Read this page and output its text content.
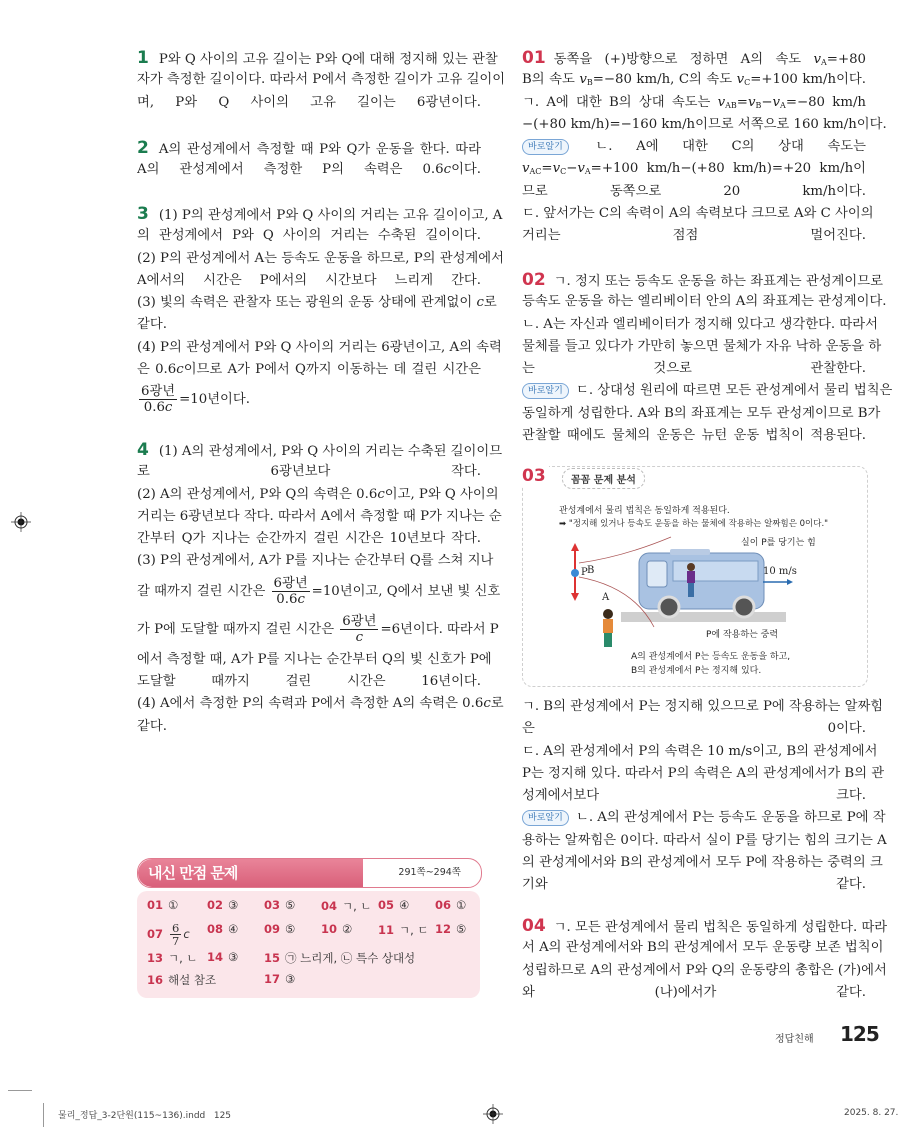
1 P와 Q 사이의 고유 길이는 P와 Q에 대해 정지해 있는 관찰
자가 측정한 길이이다. 따라서 P에서 측정한 길이가 고유 길이이
며, P와 Q 사이의 고유 길이는 6광년이다.
2 A의 관성계에서 측정할 때 P와 Q가 운동을 한다. 따라
A의 관성계에서 측정한 P의 속력은 0.6c이다.
3 (1) P의 관성계에서 P와 Q 사이의 거리는 고유 길이이고, A
의 관성계에서 P와 Q 사이의 거리는 수축된 길이이다.
(2) P의 관성계에서 A는 등속도 운동을 하므로, P의 관성계에서
A에서의 시간은 P에서의 시간보다 느리게 간다.
(3) 빛의 속력은 관찰자 또는 광원의 운동 상태에 관계없이 c로
같다.
(4) P의 관성계에서 P와 Q 사이의 거리는 6광년이고, A의 속력
은 0.6c이므로 A가 P에서 Q까지 이동하는 데 걸린 시간은
$\frac{\text{6광년}}{0.6c} =10$년이다.
4 (1) A의 관성계에서, P와 Q 사이의 거리는 수축된 길이이므
로 6광년보다 작다.
(2) A의 관성계에서, P와 Q의 속력은 0.6c이고, P와 Q 사이의
거리는 6광년보다 작다. 따라서 A에서 측정할 때 P가 지나는 순
간부터 Q가 지나는 순간까지 걸린 시간은 10년보다 작다.
(3) P의 관성계에서, A가 P를 지나는 순간부터 Q를 스쳐 지나
갈 때까지 걸린 시간은 $\frac{\text{6광년}}{0.6c} =10$년이고, Q에서 보낸 빛 신호
가 P에 도달할 때까지 걸린 시간은 $\frac{\text{6광년}}{c} =6$년이다. 따라서 P
에서 측정할 때, A가 P를 지나는 순간부터 Q의 빛 신호가 P에
도달할 때까지 걸린 시간은 16년이다.
(4) A에서 측정한 P의 속력과 P에서 측정한 A의 속력은 0.6c로
같다.
01 동쪽을 (+)방향으로 정하면 A의 속도 $v_A=+80$
B의 속도 $v_B=-80$ km/h, C의 속도 $v_C=+100$ km/h이다.
ㄱ. A에 대한 B의 상대 속도는 $v_{AB}=v_B-v_A=-80$ km/h
−(+80 km/h)=−160 km/h이므로 서쪽으로 160 km/h이다.
바로알기 ㄴ. A에 대한 C의 상대 속도는
$v_{AC}=v_C-v_A=+100$ km/h−(+80 km/h)=+20 km/h이
므로 동쪽으로 20 km/h이다.
ㄷ. 앞서가는 C의 속력이 A의 속력보다 크므로 A와 C 사이의
거리는 점점 멀어진다.
02 ㄱ. 정지 또는 등속도 운동을 하는 좌표계는 관성계이므로
등속도 운동을 하는 엘리베이터 안의 A의 좌표계는 관성계이다.
ㄴ. A는 자신과 엘리베이터가 정지해 있다고 생각한다. 따라서
물체를 들고 있다가 가만히 놓으면 물체가 자유 낙하 운동을 하
는 것으로 관찰한다.
바로알기 ㄷ. 상대성 원리에 따르면 모든 관성계에서 물리 법칙은
동일하게 성립한다. A와 B의 좌표계는 모두 관성계이므로 B가
관찰할 때에도 물체의 운동은 뉴턴 운동 법칙이 적용된다.
ㄱ. B의 관성계에서 P는 정지해 있으므로 P에 작용하는 알짜힘
은 0이다.
ㄷ. A의 관성계에서 P의 속력은 10 m/s이고, B의 관성계에서
P는 정지해 있다. 따라서 P의 속력은 A의 관성계에서가 B의 관
성계에서보다 크다.
바로알기 ㄴ. A의 관성계에서 P는 등속도 운동을 하므로 P에 작
용하는 알짜힘은 0이다. 따라서 실이 P를 당기는 힘의 크기는 A
의 관성계에서와 B의 관성계에서 모두 P에 작용하는 중력의 크
기와 같다.
04 ㄱ. 모든 관성계에서 물리 법칙은 동일하게 성립한다. 따라
서 A의 관성계에서와 B의 관성계에서 모두 운동량 보존 법칙이
성립하므로 A의 관성계에서 P와 Q의 운동량의 총합은 (가)에서
와 (나)에서가 같다.
관성계에서 물리 법칙은 동일하게 적용된다.
➡ "정지해 있거나 등속도 운동을 하는 물체에 작용하는 알짜힘은 0이다."
실이 P를 당기는 힘
B
P
A
10 m/s
P에 작용하는 중력
A의 관성계에서 P는 등속도 운동을 하고,
B의 관성계에서 P는 정지해 있다.
03	꼼꼼 문제 분석
내신 만점 문제	291쪽~294쪽
01 ① 02 ③ 03 ⑤ 04 ㄱ, ㄴ 05 ④ 06 ①
$07 \frac{6}{7}$ c 08 ④ 09 ⑤ 10 ② 11 ㄱ, ㄷ 12 ⑤
13 ㄱ, ㄴ 14 ③ 15 ㉠ 느리게, ㉡ 특수 상대성
16 해설 참조	17 ③
정답친해 125
물리_정답_3-2단원(115~136).indd   125	2025. 8. 27.
